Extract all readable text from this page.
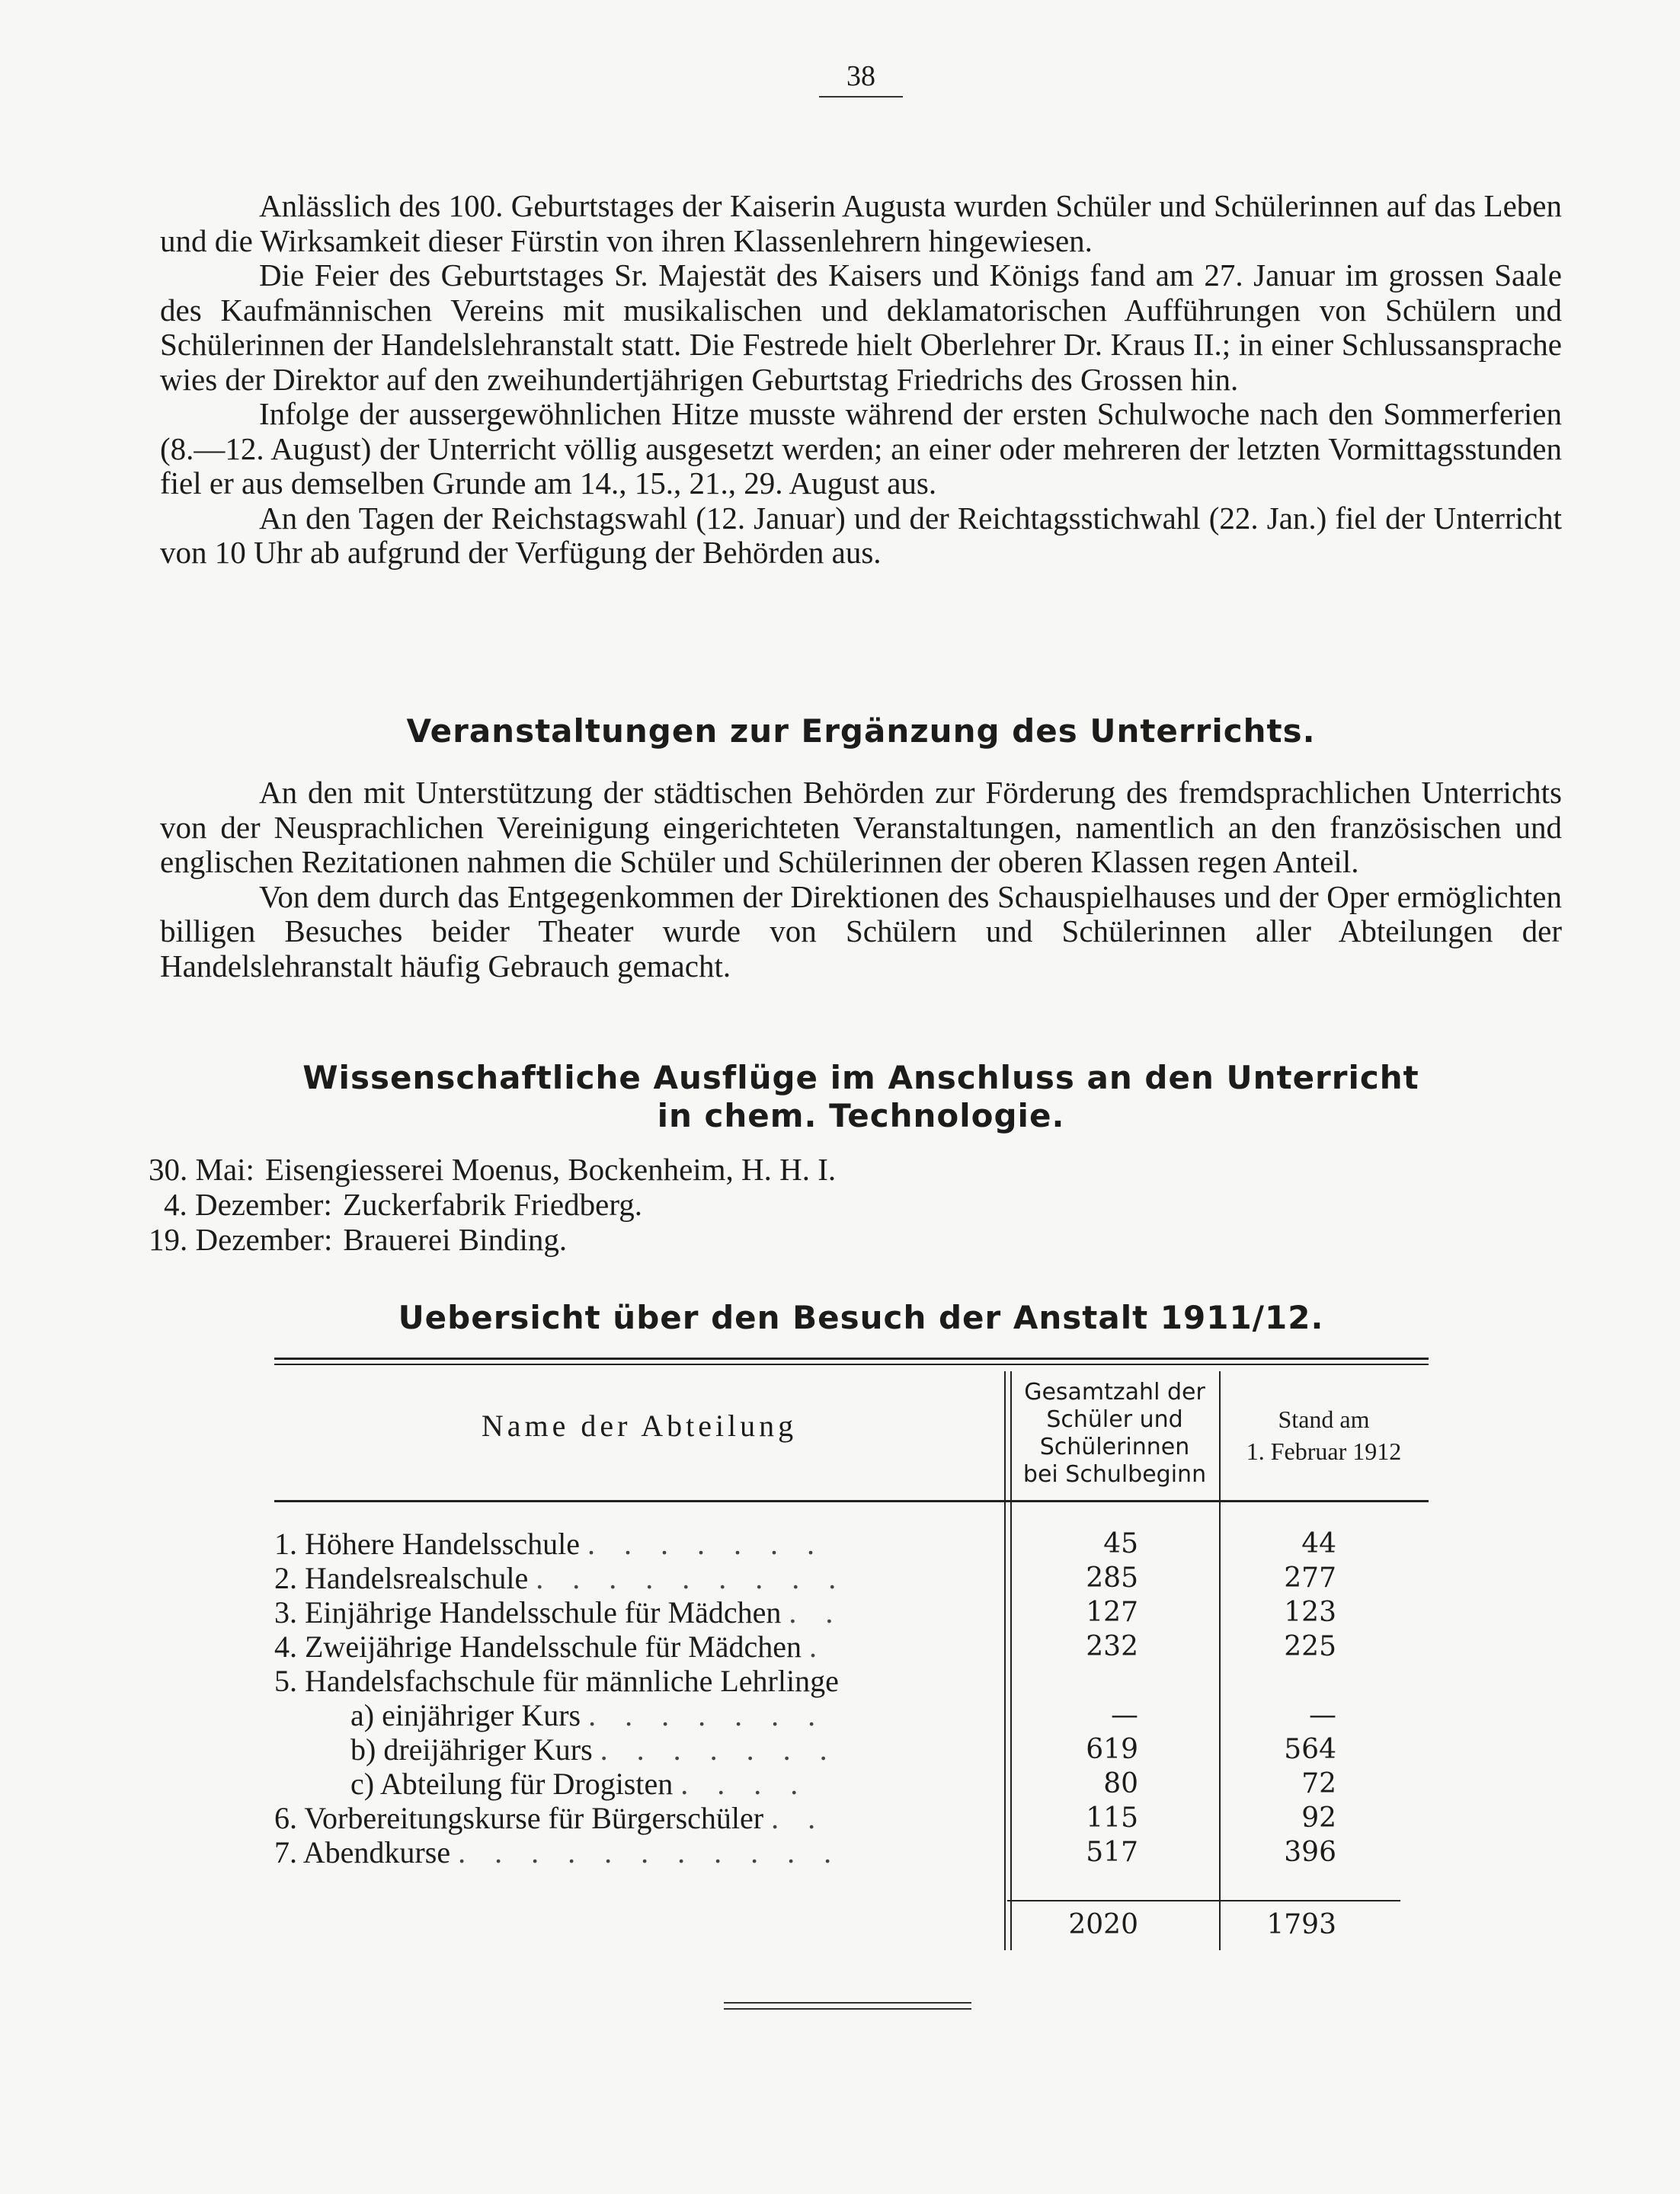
38

Anlässlich des 100. Geburtstages der Kaiserin Augusta wurden Schüler und Schülerinnen auf das Leben und die Wirksamkeit dieser Fürstin von ihren Klassenlehrern hingewiesen.

Die Feier des Geburtstages Sr. Majestät des Kaisers und Königs fand am 27. Januar im grossen Saale des Kaufmännischen Vereins mit musikalischen und deklamatorischen Aufführungen von Schülern und Schülerinnen der Handelslehranstalt statt. Die Festrede hielt Oberlehrer Dr. Kraus II.; in einer Schlussansprache wies der Direktor auf den zweihundertjährigen Geburtstag Friedrichs des Grossen hin.

Infolge der aussergewöhnlichen Hitze musste während der ersten Schulwoche nach den Sommerferien (8.—12. August) der Unterricht völlig ausgesetzt werden; an einer oder mehreren der letzten Vormittagsstunden fiel er aus demselben Grunde am 14., 15., 21., 29. August aus.

An den Tagen der Reichstagswahl (12. Januar) und der Reichtagsstichwahl (22. Jan.) fiel der Unterricht von 10 Uhr ab aufgrund der Verfügung der Behörden aus.

Veranstaltungen zur Ergänzung des Unterrichts.

An den mit Unterstützung der städtischen Behörden zur Förderung des fremdsprachlichen Unterrichts von der Neusprachlichen Vereinigung eingerichteten Veranstaltungen, namentlich an den französischen und englischen Rezitationen nahmen die Schüler und Schülerinnen der oberen Klassen regen Anteil.

Von dem durch das Entgegenkommen der Direktionen des Schauspielhauses und der Oper ermöglichten billigen Besuches beider Theater wurde von Schülern und Schülerinnen aller Abteilungen der Handelslehranstalt häufig Gebrauch gemacht.

Wissenschaftliche Ausflüge im Anschluss an den Unterricht
in chem. Technologie.
30. Mai: Eisengiesserei Moenus, Bockenheim, H. H. I.
4. Dezember: Zuckerfabrik Friedberg.
19. Dezember: Brauerei Binding.
Uebersicht über den Besuch der Anstalt 1911/12.
Name der Abteilung
Gesamtzahl der
Schüler und
Schülerinnen
bei Schulbeginn
Stand am
1. Februar 1912
1. Höhere Handelsschule . . . . . . .	45	44
2. Handelsrealschule . . . . . . . . .	285	277
3. Einjährige Handelsschule für Mädchen . .	127	123
4. Zweijährige Handelsschule für Mädchen .	232	225
5. Handelsfachschule für männliche Lehrlinge
a) einjähriger Kurs . . . . . . .	—	—
b) dreijähriger Kurs . . . . . . .	619	564
c) Abteilung für Drogisten . . . .	80	72
6. Vorbereitungskurse für Bürgerschüler . .	115	92
7. Abendkurse . . . . . . . . . . .	517	396
2020	1793
